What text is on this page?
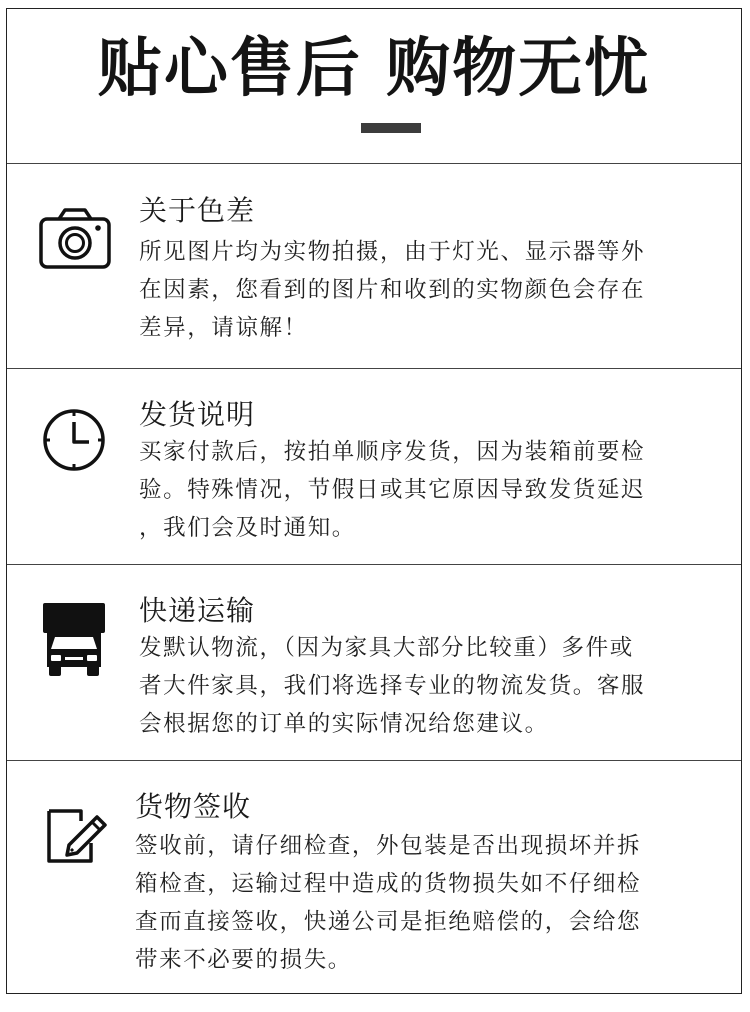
贴心售后 购物无忧
关于色差
所见图片均为实物拍摄，由于灯光、显示器等外
在因素，您看到的图片和收到的实物颜色会存在
差异，请谅解！
发货说明
买家付款后，按拍单顺序发货，因为装箱前要检
验。特殊情况，节假日或其它原因导致发货延迟
，我们会及时通知。
快递运输
发默认物流，（因为家具大部分比较重）多件或
者大件家具，我们将选择专业的物流发货。客服
会根据您的订单的实际情况给您建议。
货物签收
签收前，请仔细检查，外包装是否出现损坏并拆
箱检查，运输过程中造成的货物损失如不仔细检
查而直接签收，快递公司是拒绝赔偿的，会给您
带来不必要的损失。
